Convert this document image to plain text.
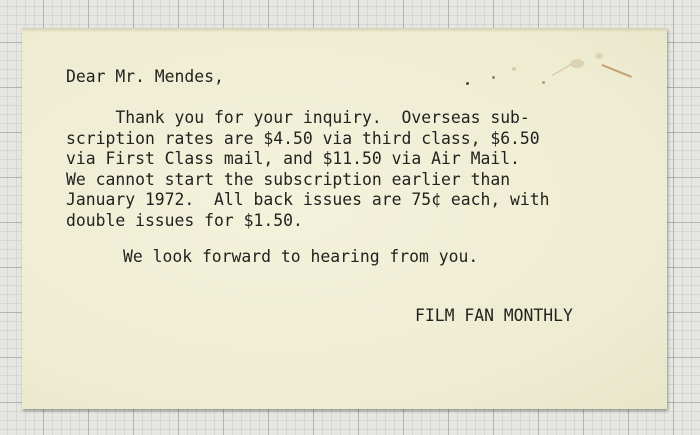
Dear Mr. Mendes,

Thank you for your inquiry.  Overseas sub-
scription rates are $4.50 via third class, $6.50
via First Class mail, and $11.50 via Air Mail.
We cannot start the subscription earlier than
January 1972.  All back issues are 75¢ each, with
double issues for $1.50.

We look forward to hearing from you.

FILM FAN MONTHLY
